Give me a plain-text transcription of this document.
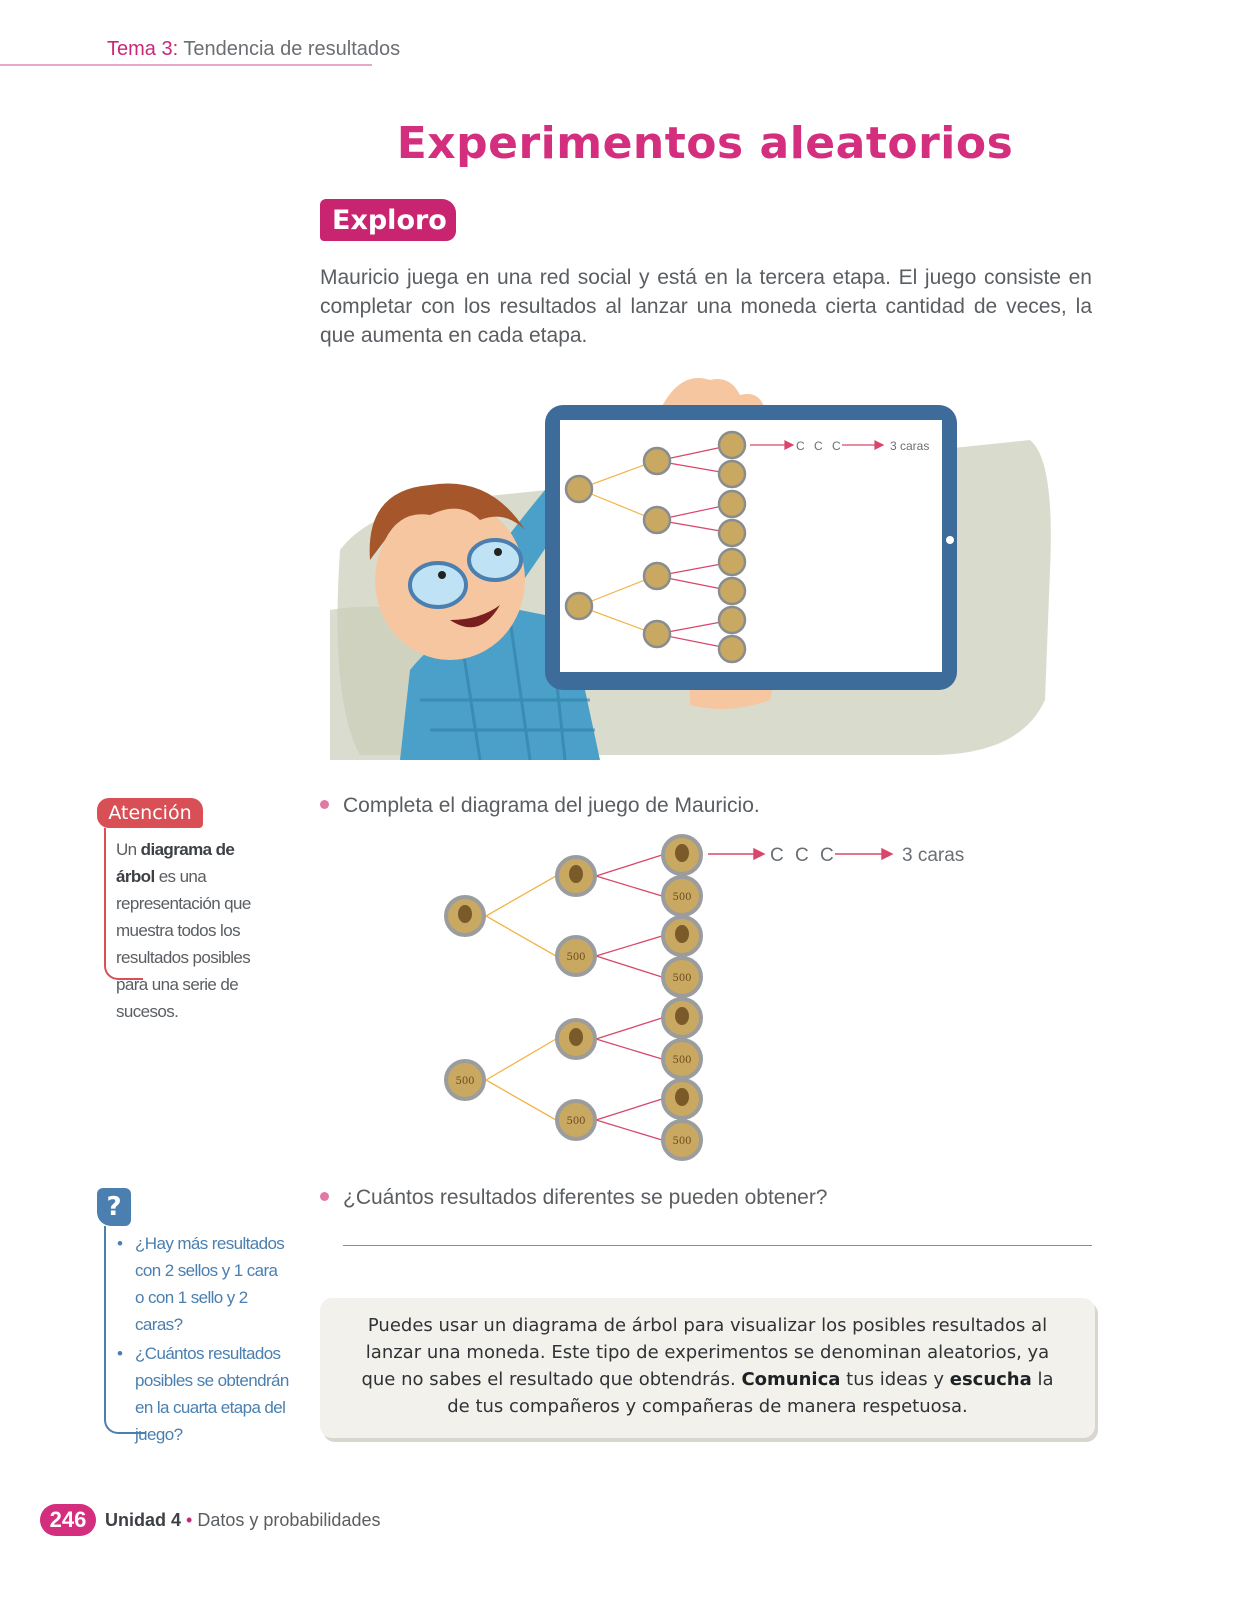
Tema 3: Tendencia de resultados
Experimentos aleatorios
Exploro
Mauricio juega en una red social y está en la tercera etapa. El juego consiste en completar con los resultados al lanzar una moneda cierta cantidad de veces, la que aumenta en cada etapa.
C C C	3 caras
Completa el diagrama del juego de Mauricio.
500
500
500
500
500
500
500
C C C	3 caras
¿Cuántos resultados diferentes se pueden obtener?
Atención
Un diagrama de árbol es una representación que muestra todos los resultados posibles para una serie de sucesos.
?
• ¿Hay más resultados con 2 sellos y 1 cara o con 1 sello y 2 caras?
• ¿Cuántos resultados posibles se obtendrán en la cuarta etapa del juego?
Puedes usar un diagrama de árbol para visualizar los posibles resultados al lanzar una moneda. Este tipo de experimentos se denominan aleatorios, ya que no sabes el resultado que obtendrás. Comunica tus ideas y escucha la de tus compañeros y compañeras de manera respetuosa.
246	Unidad 4 • Datos y probabilidades
